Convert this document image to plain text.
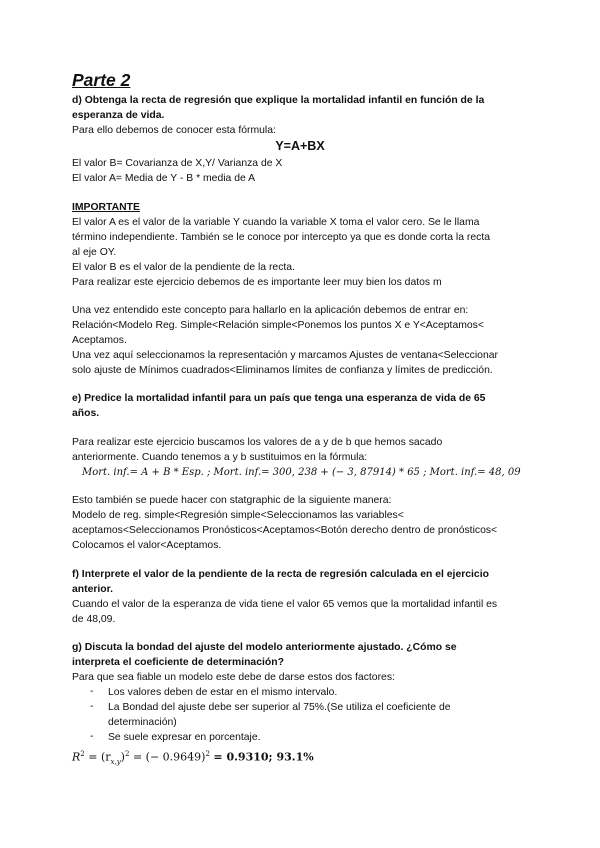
Parte 2
d) Obtenga la recta de regresión que explique la mortalidad infantil en función de la
esperanza de vida.
Para ello debemos de conocer esta fórmula:
Y=A+BX
El valor B= Covarianza de X,Y/ Varianza de X
El valor A= Media de Y - B * media de A
IMPORTANTE
El valor A es el valor de la variable Y cuando la variable X toma el valor cero. Se le llama
término independiente. También se le conoce por intercepto ya que es donde corta la recta
al eje OY.
El valor B es el valor de la pendiente de la recta.
Para realizar este ejercicio debemos de es importante leer muy bien los datos m
Una vez entendido este concepto para hallarlo en la aplicación debemos de entrar en:
Relación<Modelo Reg. Simple<Relación simple<Ponemos los puntos X e Y<Aceptamos<
Aceptamos.
Una vez aquí seleccionamos la representación y marcamos Ajustes de ventana<Seleccionar
solo ajuste de Mínimos cuadrados<Eliminamos límites de confianza y límites de predicción.
e) Predice la mortalidad infantil para un país que tenga una esperanza de vida de 65
años.
Para realizar este ejercicio buscamos los valores de a y de b que hemos sacado
anteriormente. Cuando tenemos a y b sustituimos en la fórmula:
Mort. inf.= A + B * Esp. ; Mort. inf.= 300, 238 + (− 3, 87914) * 65 ; Mort. inf.= 48, 09
Esto también se puede hacer con statgraphic de la siguiente manera:
Modelo de reg. simple<Regresión simple<Seleccionamos las variables<
aceptamos<Seleccionamos Pronósticos<Aceptamos<Botón derecho dentro de pronósticos<
Colocamos el valor<Aceptamos.
f) Interprete el valor de la pendiente de la recta de regresión calculada en el ejercicio
anterior.
Cuando el valor de la esperanza de vida tiene el valor 65 vemos que la mortalidad infantil es
de 48,09.
g) Discuta la bondad del ajuste del modelo anteriormente ajustado. ¿Cómo se
interpreta el coeficiente de determinación?
Para que sea fiable un modelo este debe de darse estos dos factores:
- Los valores deben de estar en el mismo intervalo.
- La Bondad del ajuste debe ser superior al 75%.(Se utiliza el coeficiente de
determinación)
- Se suele expresar en porcentaje.
$R^2 = (r_{x,y})^2$ = (− 0.9649)$^2$ = 0.9310; 93.1%
